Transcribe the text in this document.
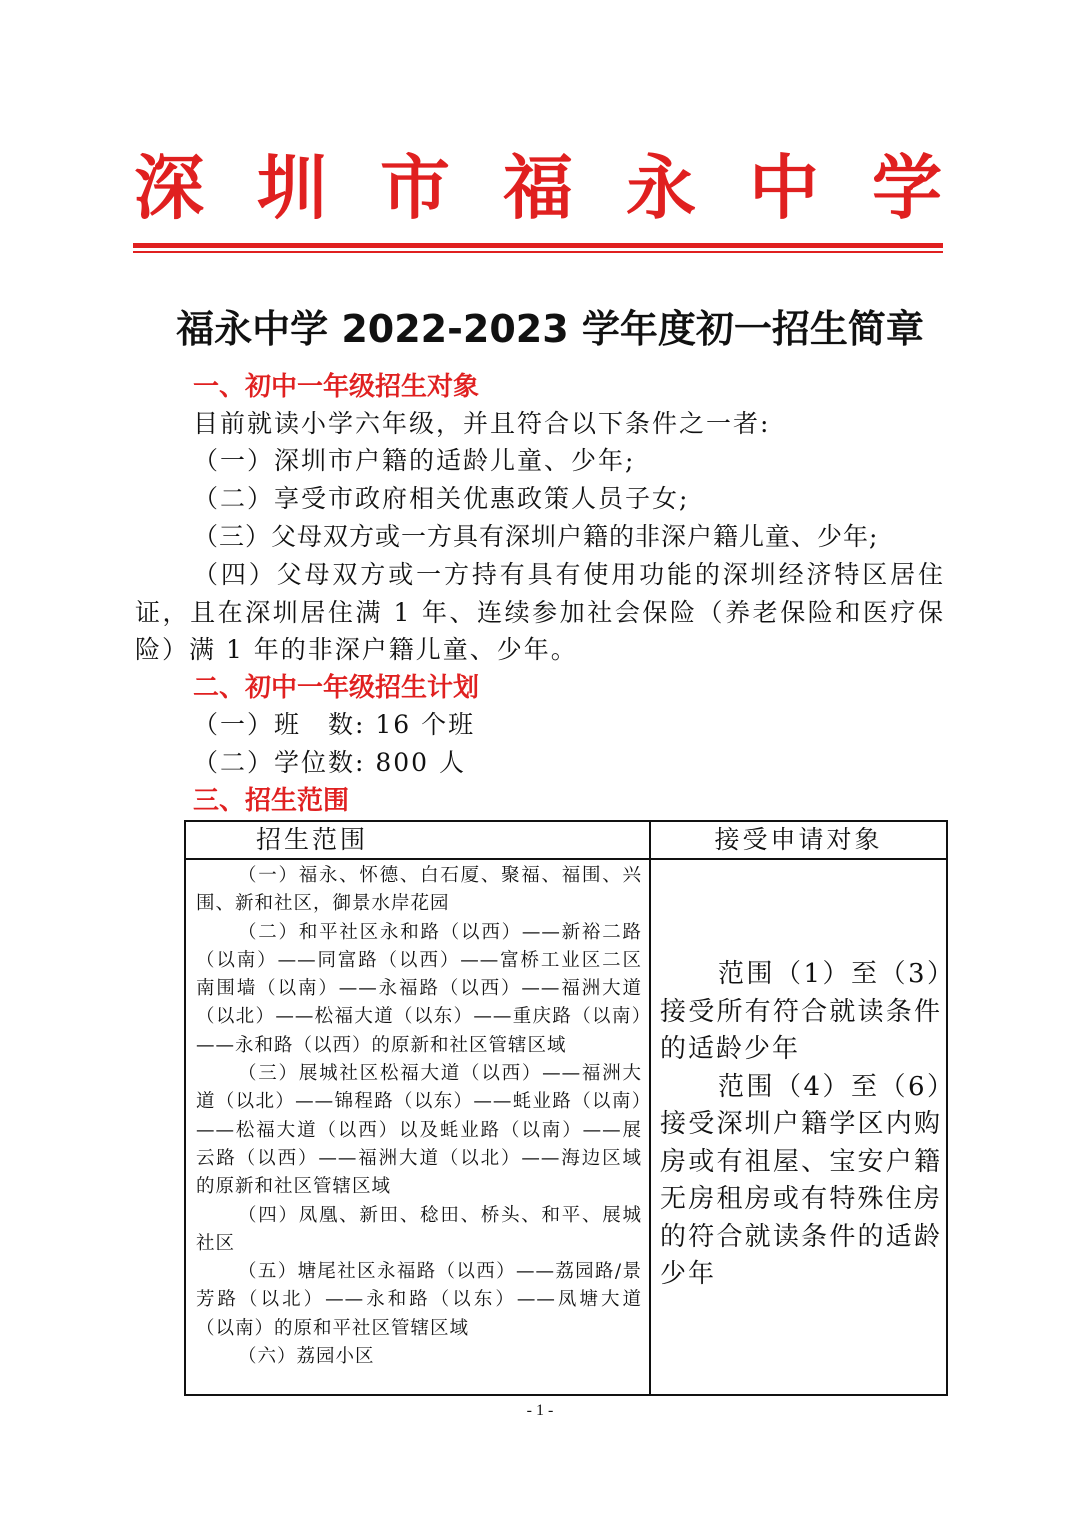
深 圳 市 福 永 中 学
福永中学 2022-2023 学年度初一招生简章
一、初中一年级招生对象
目前就读小学六年级，并且符合以下条件之一者:
（一）深圳市户籍的适龄儿童、少年;
（二）享受市政府相关优惠政策人员子女;
（三）父母双方或一方具有深圳户籍的非深户籍儿童、少年;
（四）父母双方或一方持有具有使用功能的深圳经济特区居住证，且在深圳居住满 1 年、连续参加社会保险（养老保险和医疗保险）满 1 年的非深户籍儿童、少年。
二、初中一年级招生计划
（一）班　数: 16 个班
（二）学位数: 800 人
三、招生范围
招生范围	接受申请对象
（一）福永、怀德、白石厦、聚福、福围、兴围、新和社区，御景水岸花园
（二）和平社区永和路（以西）——新裕二路（以南）——同富路（以西）——富桥工业区二区南围墙（以南）——永福路（以西）——福洲大道（以北）——松福大道（以东）——重庆路（以南）——永和路（以西）的原新和社区管辖区域
（三）展城社区松福大道（以西）——福洲大道（以北）——锦程路（以东）——蚝业路（以南）——松福大道（以西）以及蚝业路（以南）——展云路（以西）——福洲大道（以北）——海边区域的原新和社区管辖区域
（四）凤凰、新田、稔田、桥头、和平、展城社区
（五）塘尾社区永福路（以西）——荔园路/景芳路（以北）——永和路（以东）——凤塘大道（以南）的原和平社区管辖区域
（六）荔园小区

范围（1）至（3）接受所有符合就读条件的适龄少年

范围（4）至（6）接受深圳户籍学区内购房或有祖屋、宝安户籍无房租房或有特殊住房的符合就读条件的适龄少年

- 1 -
